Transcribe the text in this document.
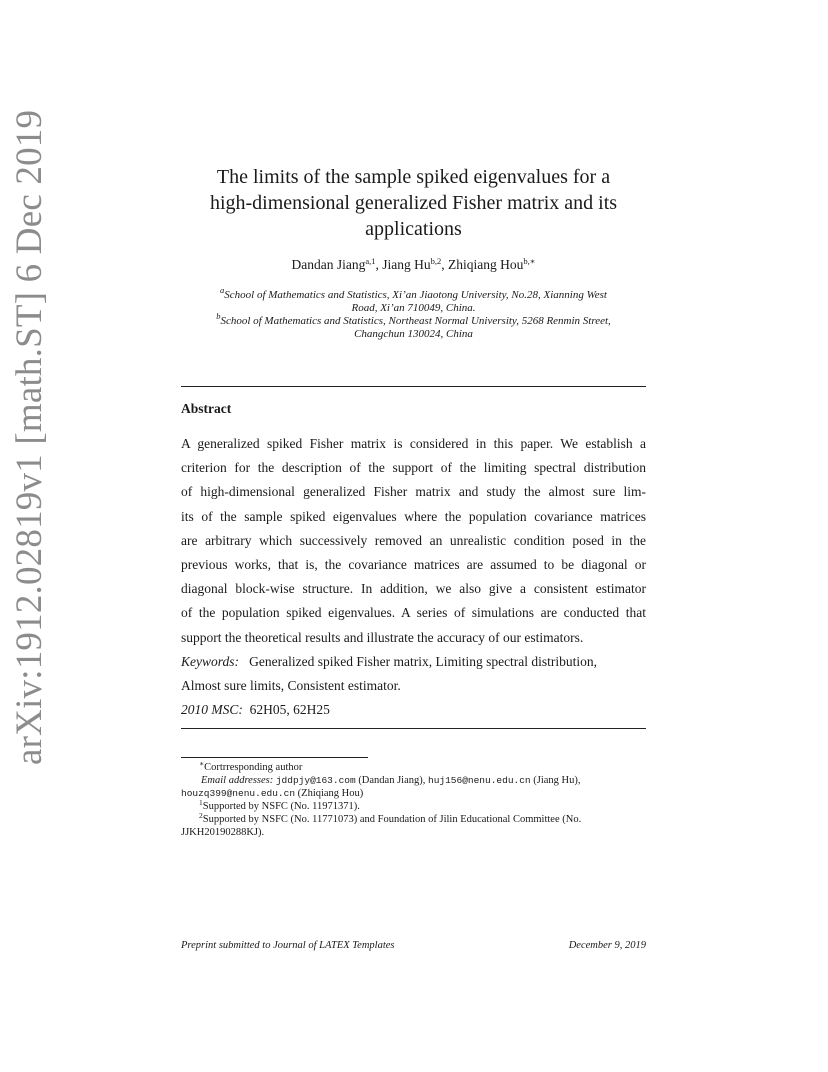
arXiv:1912.02819v1 [math.ST] 6 Dec 2019	The limits of the sample spiked eigenvalues for a
high-dimensional generalized Fisher matrix and its
applications
Dandan Jiang$^{a,1}$, Jiang Hu$^{b,2}$, Zhiqiang Hou$^{b,∗}$
$^a$School of Mathematics and Statistics, Xi’an Jiaotong University, No.28, Xianning West
Road, Xi’an 710049, China.
$^b$School of Mathematics and Statistics, Northeast Normal University, 5268 Renmin Street,
Changchun 130024, China
Abstract
A generalized spiked Fisher matrix is considered in this paper. We establish a
criterion for the description of the support of the limiting spectral distribution
of high-dimensional generalized Fisher matrix and study the almost sure lim-
its of the sample spiked eigenvalues where the population covariance matrices
are arbitrary which successively removed an unrealistic condition posed in the
previous works, that is, the covariance matrices are assumed to be diagonal or
diagonal block-wise structure. In addition, we also give a consistent estimator
of the population spiked eigenvalues. A series of simulations are conducted that
support the theoretical results and illustrate the accuracy of our estimators.
Keywords: Generalized spiked Fisher matrix, Limiting spectral distribution,
Almost sure limits, Consistent estimator.
2010 MSC: 62H05, 62H25
∗Cortrresponding author
Email addresses: jddpjy@163.com (Dandan Jiang), huj156@nenu.edu.cn (Jiang Hu),
houzq399@nenu.edu.cn (Zhiqiang Hou)
$^1$Supported by NSFC (No. 11971371).
$^2$Supported by NSFC (No. 11771073) and Foundation of Jilin Educational Committee (No.
JJKH20190288KJ).
Preprint submitted to Journal of LATEX Templates	December 9, 2019
